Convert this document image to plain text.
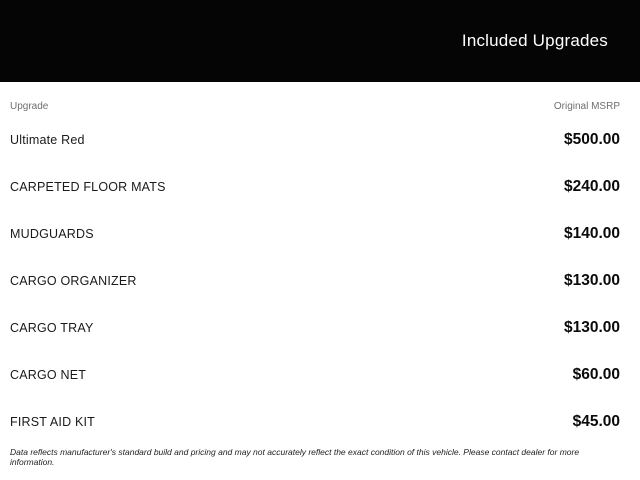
Included Upgrades
Upgrade	Original MSRP
Ultimate Red	$500.00
CARPETED FLOOR MATS	$240.00
MUDGUARDS	$140.00
CARGO ORGANIZER	$130.00
CARGO TRAY	$130.00
CARGO NET	$60.00
FIRST AID KIT	$45.00
Data reflects manufacturer's standard build and pricing and may not accurately reflect the exact condition of this vehicle. Please contact dealer for more information.
